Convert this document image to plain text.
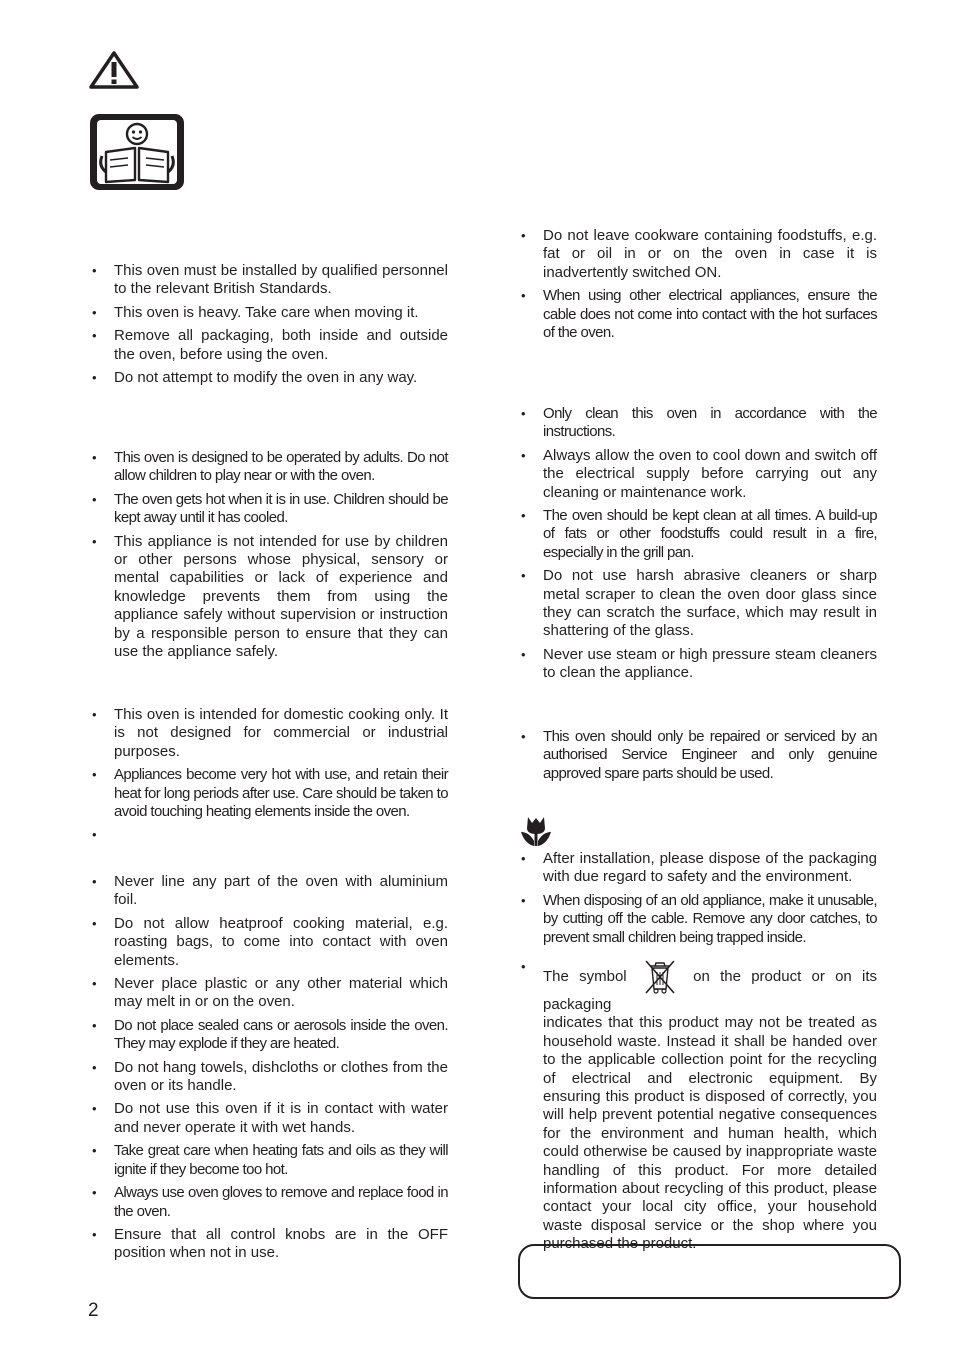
• This oven must be installed by qualified personnel to the relevant British Standards.
• This oven is heavy. Take care when moving it.
• Remove all packaging, both inside and outside the oven, before using the oven.
• Do not attempt to modify the oven in any way.
• This oven is designed to be operated by adults. Do not allow children to play near or with the oven.
• The oven gets hot when it is in use. Children should be kept away until it has cooled.
• This appliance is not intended for use by children or other persons whose physical, sensory or mental capabilities or lack of experience and knowledge prevents them from using the appliance safely without supervision or instruction by a responsible person to ensure that they can use the appliance safely.
• This oven is intended for domestic cooking only. It is not designed for commercial or industrial purposes.
• Appliances become very hot with use, and retain their heat for long periods after use. Care should be taken to avoid touching heating elements inside the oven.
•
• Never line any part of the oven with aluminium foil.
• Do not allow heatproof cooking material, e.g. roasting bags, to come into contact with oven elements.
• Never place plastic or any other material which may melt in or on the oven.
• Do not place sealed cans or aerosols inside the oven. They may explode if they are heated.
• Do not hang towels, dishcloths or clothes from the oven or its handle.
• Do not use this oven if it is in contact with water and never operate it with wet hands.
• Take great care when heating fats and oils as they will ignite if they become too hot.
• Always use oven gloves to remove and replace food in the oven.
• Ensure that all control knobs are in the OFF position when not in use.
• Do not leave cookware containing foodstuffs, e.g. fat or oil in or on the oven in case it is inadvertently switched ON.
• When using other electrical appliances, ensure the cable does not come into contact with the hot surfaces of the oven.
• Only clean this oven in accordance with the instructions.
• Always allow the oven to cool down and switch off the electrical supply before carrying out any cleaning or maintenance work.
• The oven should be kept clean at all times. A build-up of fats or other foodstuffs could result in a fire, especially in the grill pan.
• Do not use harsh abrasive cleaners or sharp metal scraper to clean the oven door glass since they can scratch the surface, which may result in shattering of the glass.
• Never use steam or high pressure steam cleaners to clean the appliance.
• This oven should only be repaired or serviced by an authorised Service Engineer and only genuine approved spare parts should be used.
• After installation, please dispose of the packaging with due regard to safety and the environment.
• When disposing of an old appliance, make it unusable, by cutting off the cable. Remove any door catches, to prevent small children being trapped inside.
• The symbol	on the product or on its packaging
indicates that this product may not be treated as household waste. Instead it shall be handed over to the applicable collection point for the recycling of electrical and electronic equipment. By ensuring this product is disposed of correctly, you will help prevent potential negative consequences for the environment and human health, which could otherwise be caused by inappropriate waste handling of this product. For more detailed information about recycling of this product, please contact your local city office, your household waste disposal service or the shop where you purchased the product.
2
